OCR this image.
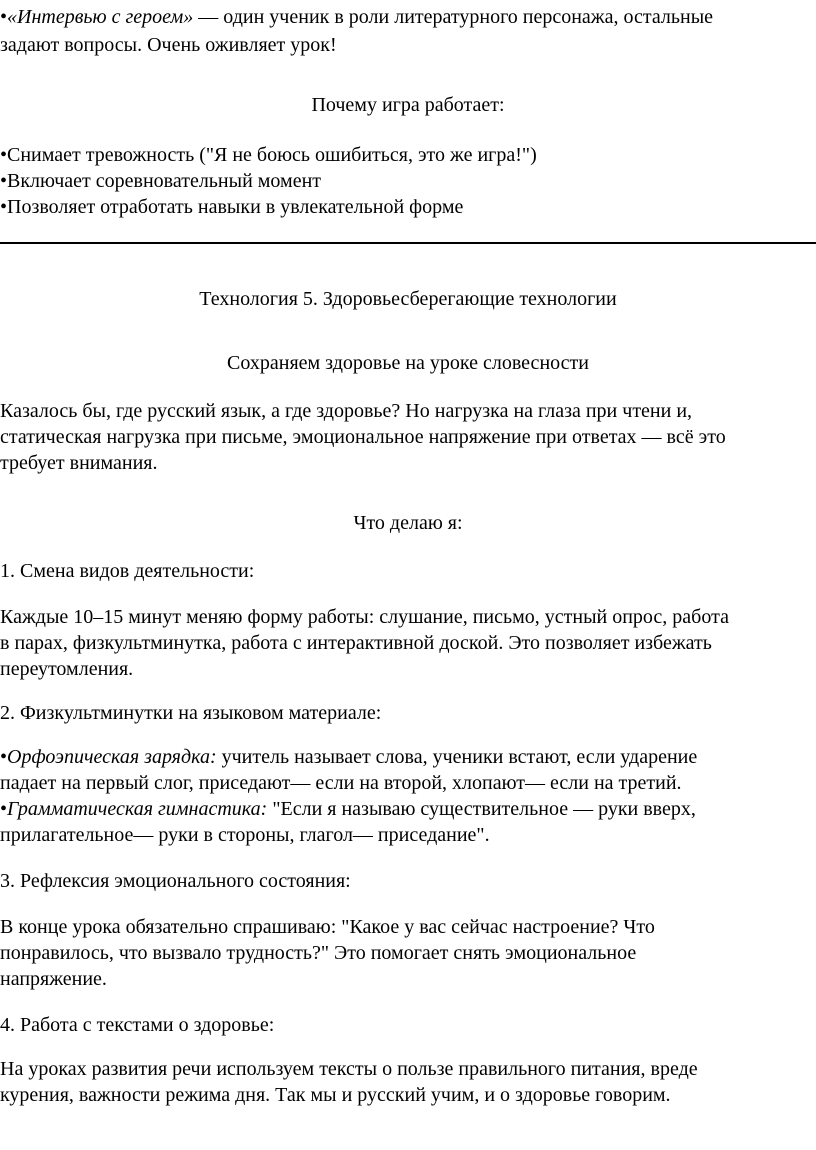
•«Интервью с героем» — один ученик в роли литературного персонажа, остальные
задают вопросы. Очень оживляет урок!
Почему игра работает:
•Снимает тревожность ("Я не боюсь ошибиться, это же игра!")
•Включает соревновательный момент
•Позволяет отработать навыки в увлекательной форме
Технология 5. Здоровьесберегающие технологии
Сохраняем здоровье на уроке словесности
Казалось бы, где русский язык, а где здоровье? Но нагрузка на глаза при чтени и,
статическая нагрузка при письме, эмоциональное напряжение при ответах — всё это
требует внимания.
Что делаю я:
1. Смена видов деятельности:
Каждые 10–15 минут меняю форму работы: слушание, письмо, устный опрос, работа
в парах, физкультминутка, работа с интерактивной доской. Это позволяет избежать
переутомления.
2. Физкультминутки на языковом материале:
•Орфоэпическая зарядка: учитель называет слова, ученики встают, если ударение
падает на первый слог, приседают— если на второй, хлопают— если на третий.
•Грамматическая гимнастика: "Если я называю существительное — руки вверх,
прилагательное— руки в стороны, глагол— приседание".
3. Рефлексия эмоционального состояния:
В конце урока обязательно спрашиваю: "Какое у вас сейчас настроение? Что
понравилось, что вызвало трудность?" Это помогает снять эмоциональное
напряжение.
4. Работа с текстами о здоровье:
На уроках развития речи используем тексты о пользе правильного питания, вреде
курения, важности режима дня. Так мы и русский учим, и о здоровье говорим.
